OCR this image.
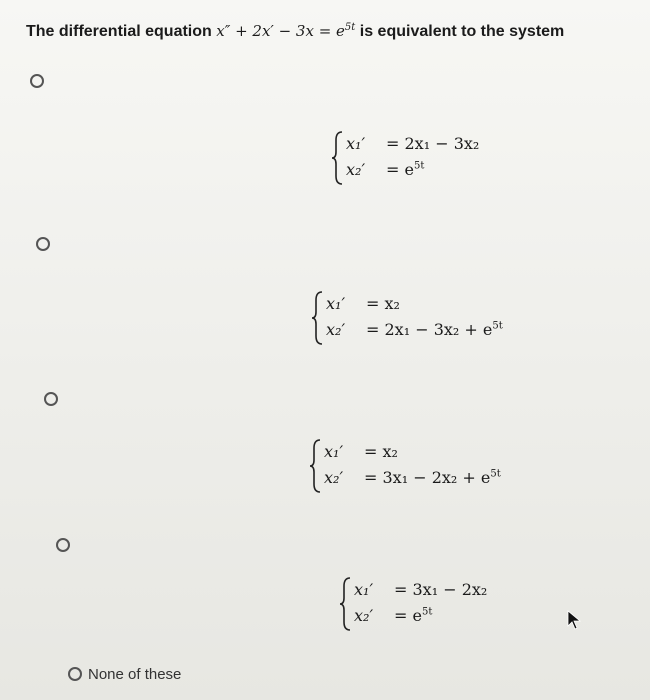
The differential equation $x'' + 2x' - 3x = e^{5t}$ is equivalent to the system
x₁′ = 2x₁ − 3x₂
$x_2' = e^{5t}$
x₁′ = x₂
$x_2' = 2x_1 - 3x_2 + e^{5t}$
x₁′ = x₂
$x_2' = 3x_1 - 2x_2 + e^{5t}$
x₁′ = 3x₁ − 2x₂
$x_2' = e^{5t}$
None of these
